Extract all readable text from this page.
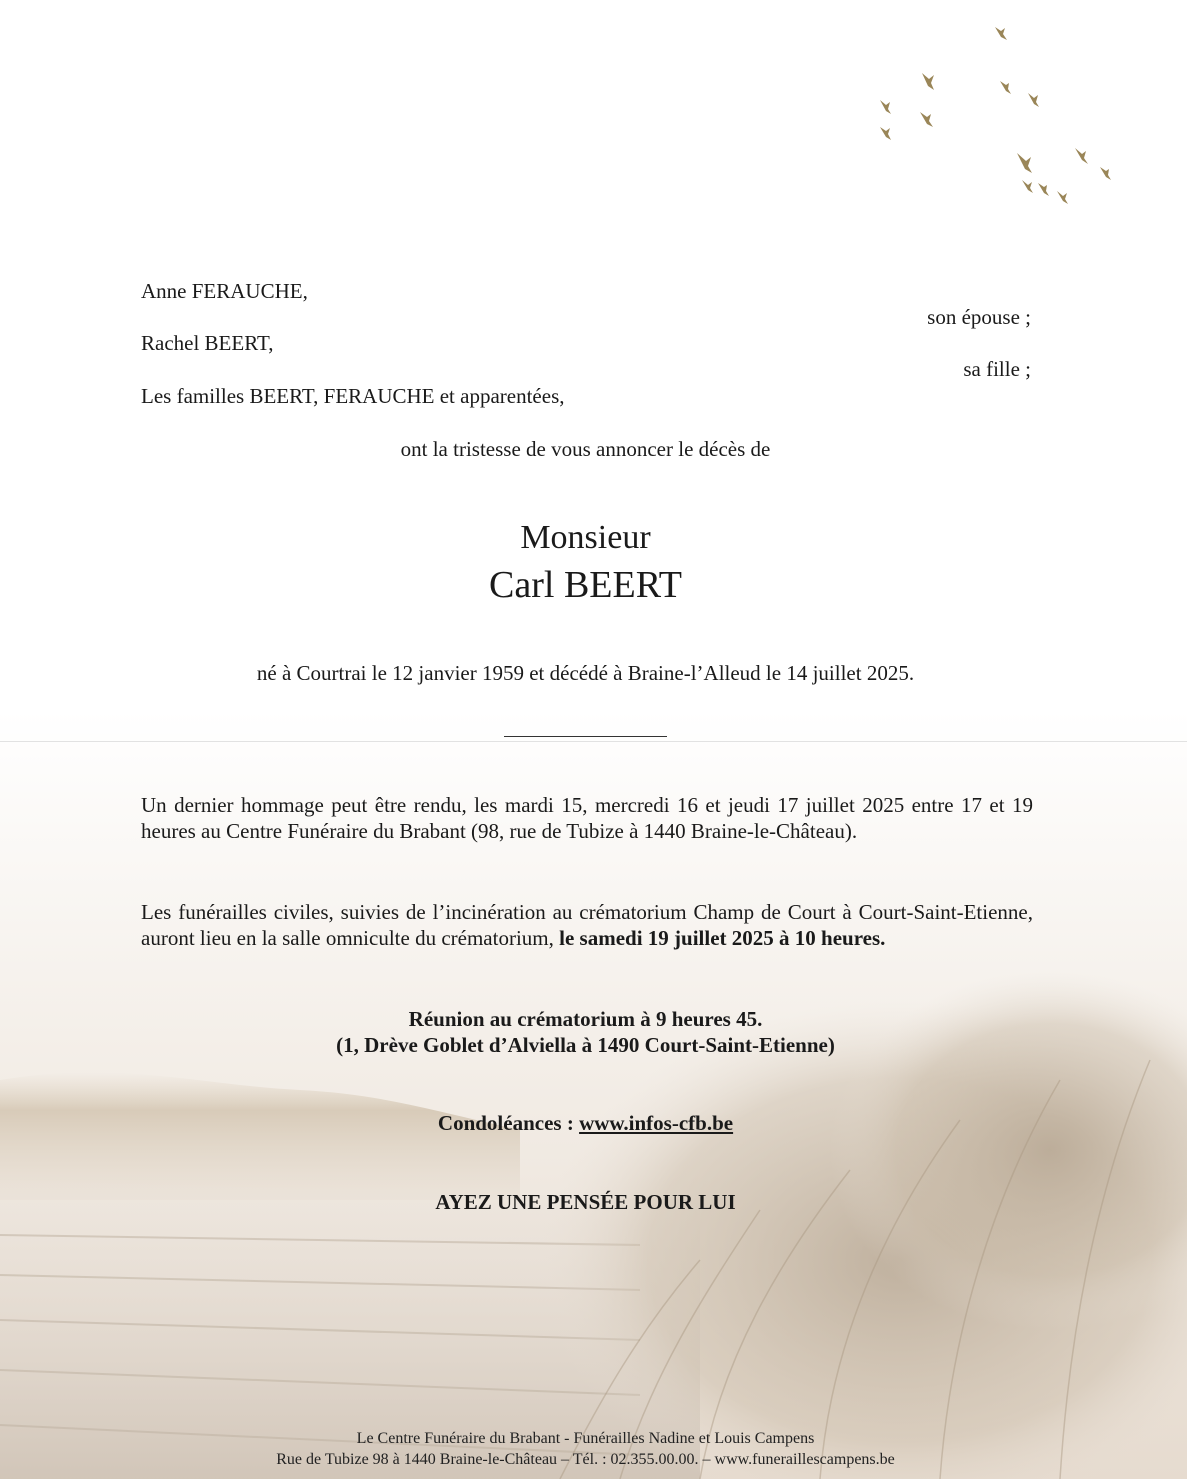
Anne FERAUCHE,
son épouse ;
Rachel BEERT,
sa fille ;
Les familles BEERT, FERAUCHE et apparentées,
ont la tristesse de vous annoncer le décès de
Monsieur
Carl BEERT
né à Courtrai le 12 janvier 1959 et décédé à Braine-l’Alleud le 14 juillet 2025.
Un dernier hommage peut être rendu, les mardi 15, mercredi 16 et jeudi 17 juillet 2025 entre 17 et 19 heures au Centre Funéraire du Brabant (98, rue de Tubize à 1440 Braine-le-Château).
Les funérailles civiles, suivies de l’incinération au crématorium Champ de Court à Court-Saint-Etienne, auront lieu en la salle omniculte du crématorium, le samedi 19 juillet 2025 à 10 heures.
Réunion au crématorium à 9 heures 45.
(1, Drève Goblet d’Alviella à 1490 Court-Saint-Etienne)
Condoléances : www.infos-cfb.be
AYEZ UNE PENSÉE POUR LUI
Le Centre Funéraire du Brabant - Funérailles Nadine et Louis Campens
Rue de Tubize 98 à 1440 Braine-le-Château – Tél. : 02.355.00.00. – www.funeraillescampens.be
